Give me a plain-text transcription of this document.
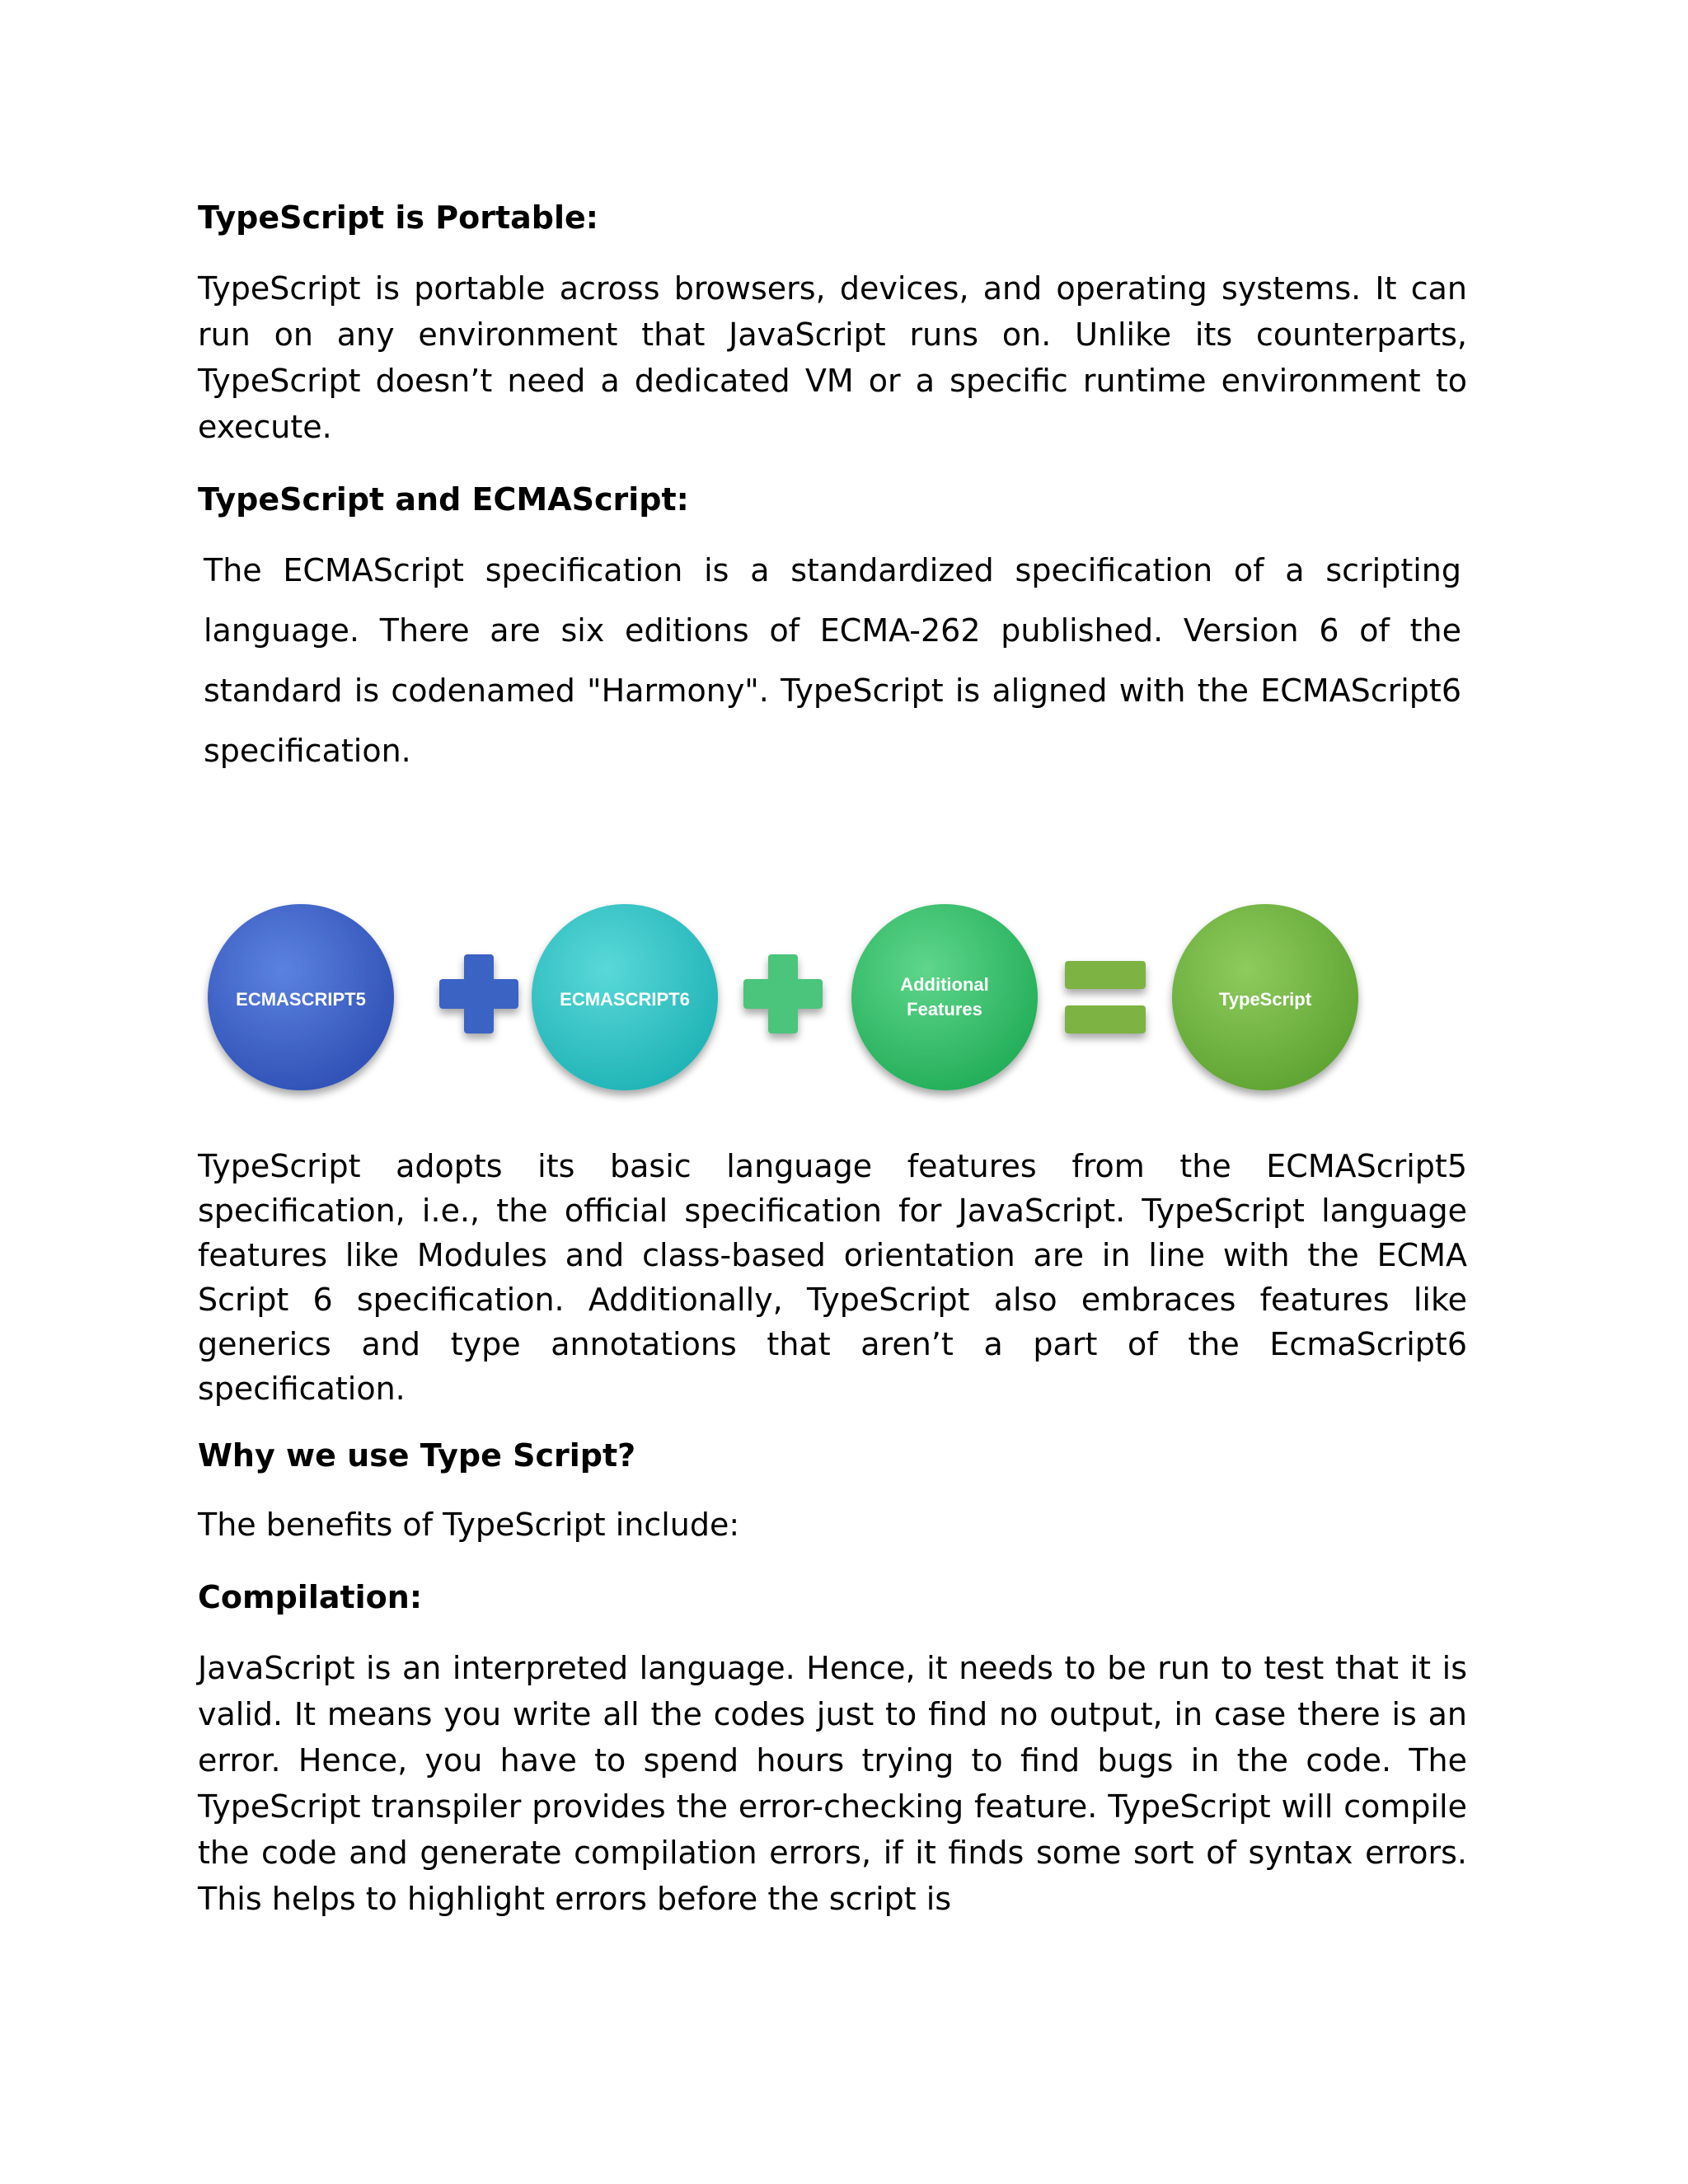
TypeScript is Portable:

TypeScript is portable across browsers, devices, and operating systems. It can run on any environment that JavaScript runs on. Unlike its counterparts, TypeScript doesn’t need a dedicated VM or a specific runtime environment to execute.

TypeScript and ECMAScript:

The ECMAScript specification is a standardized specification of a scripting language. There are six editions of ECMA-262 published. Version 6 of the standard is codenamed "Harmony". TypeScript is aligned with the ECMAScript6 specification.

ECMASCRIPT5	ECMASCRIPT6
Additional
Features	TypeScript

TypeScript adopts its basic language features from the ECMAScript5 specification, i.e., the official specification for JavaScript. TypeScript language features like Modules and class-based orientation are in line with the ECMA Script 6 specification. Additionally, TypeScript also embraces features like generics and type annotations that aren’t a part of the EcmaScript6 specification.

Why we use Type Script?

The benefits of TypeScript include:

Compilation:

JavaScript is an interpreted language. Hence, it needs to be run to test that it is valid. It means you write all the codes just to find no output, in case there is an error. Hence, you have to spend hours trying to find bugs in the code. The TypeScript transpiler provides the error-checking feature. TypeScript will compile the code and generate compilation errors, if it finds some sort of syntax errors. This helps to highlight errors before the script is
